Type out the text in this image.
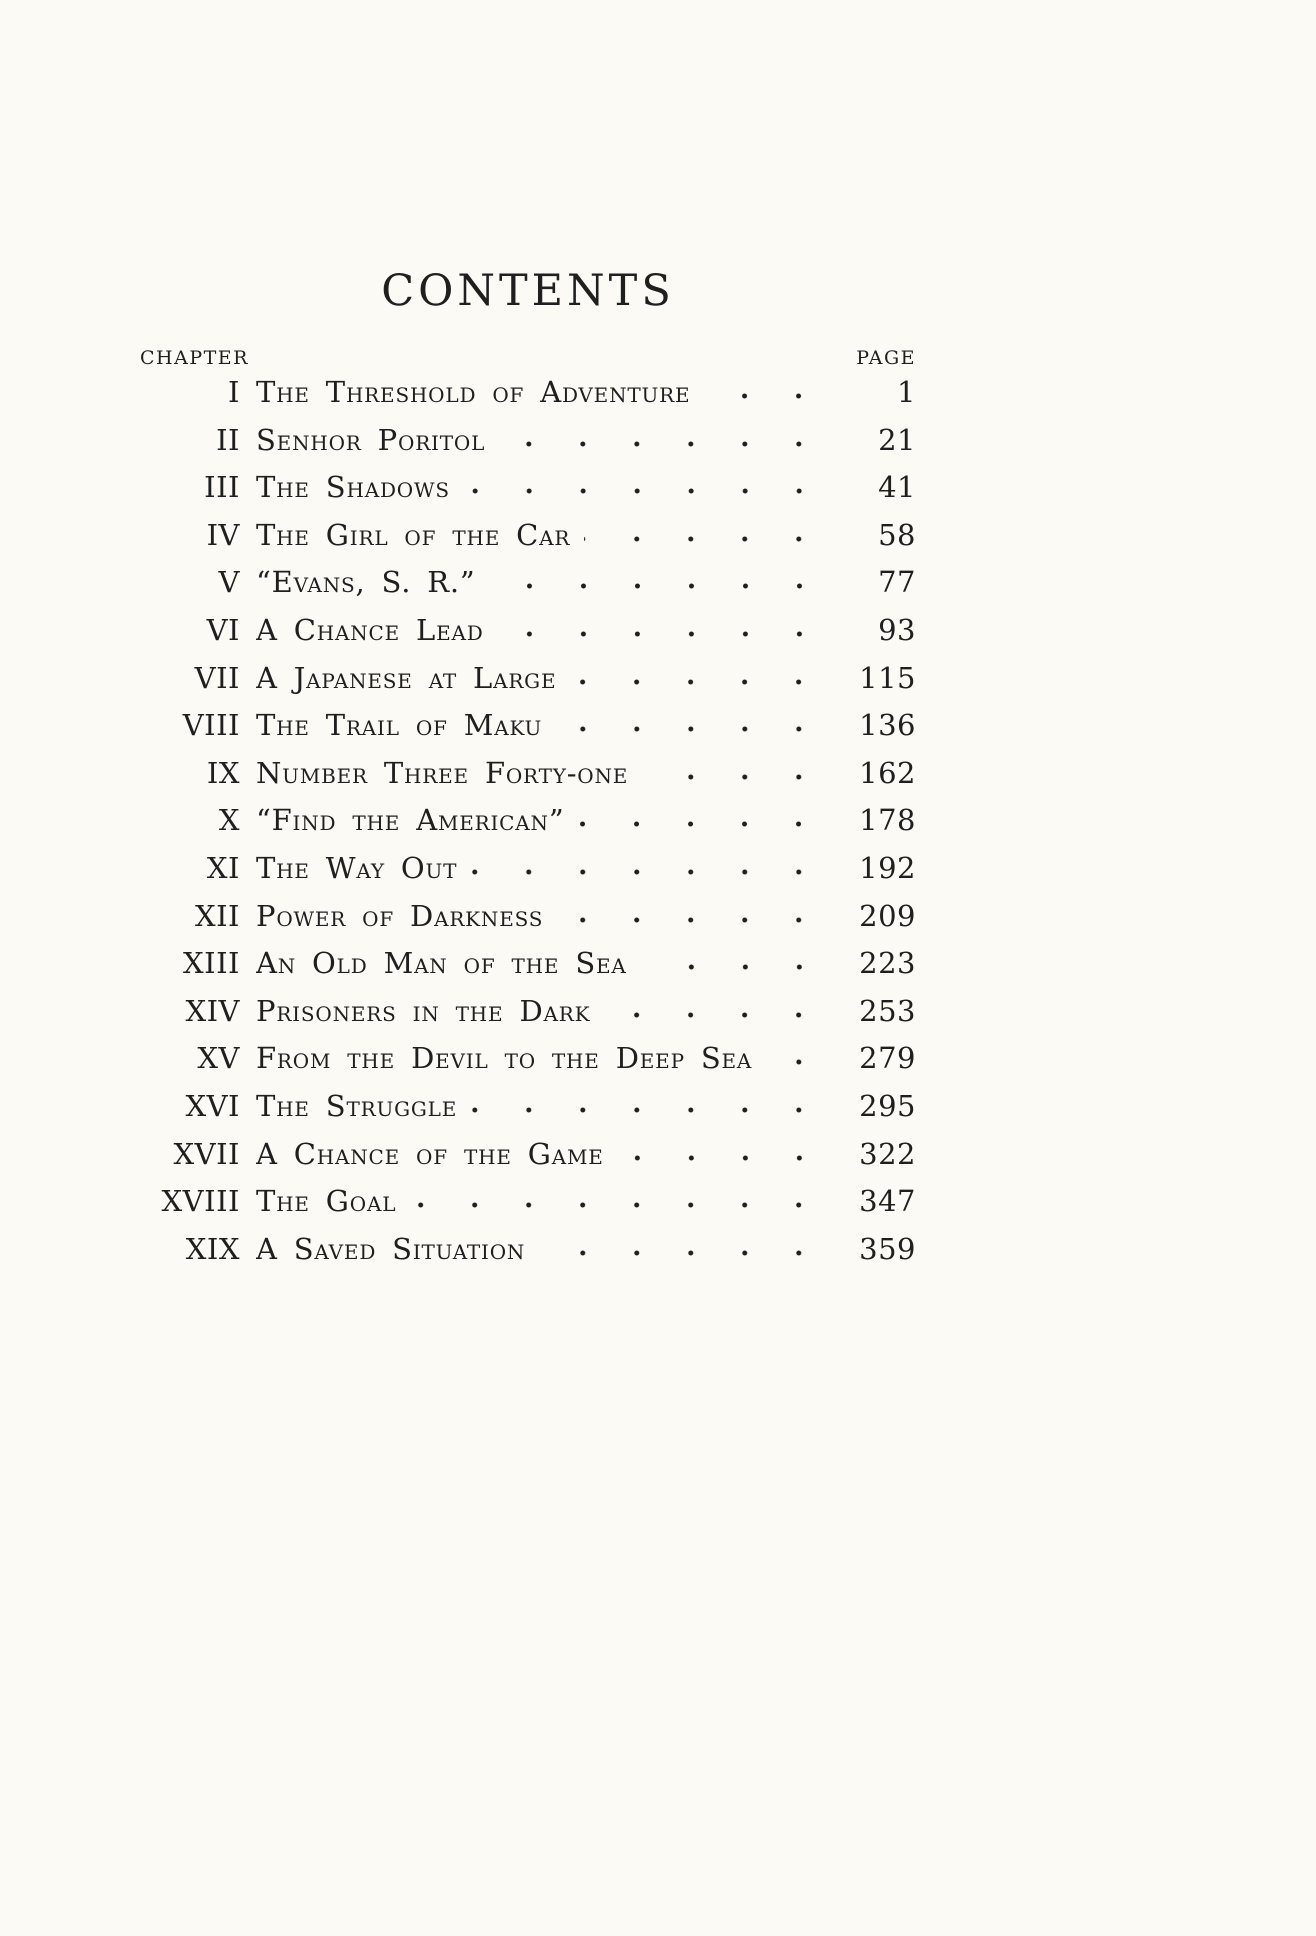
CONTENTS
CHAPTER	PAGE
I The Threshold of Adventure	1
II Senhor Poritol	21
III The Shadows	41
IV The Girl of the Car	58
V “Evans, S. R.”	77
VI A Chance Lead	93
VII A Japanese at Large	115
VIII The Trail of Maku	136
IX Number Three Forty-one	162
X “Find the American”	178
XI The Way Out	192
XII Power of Darkness	209
XIII An Old Man of the Sea	223
XIV Prisoners in the Dark	253
XV From the Devil to the Deep Sea	279
XVI The Struggle	295
XVII A Chance of the Game	322
XVIII The Goal	347
XIX A Saved Situation	359
